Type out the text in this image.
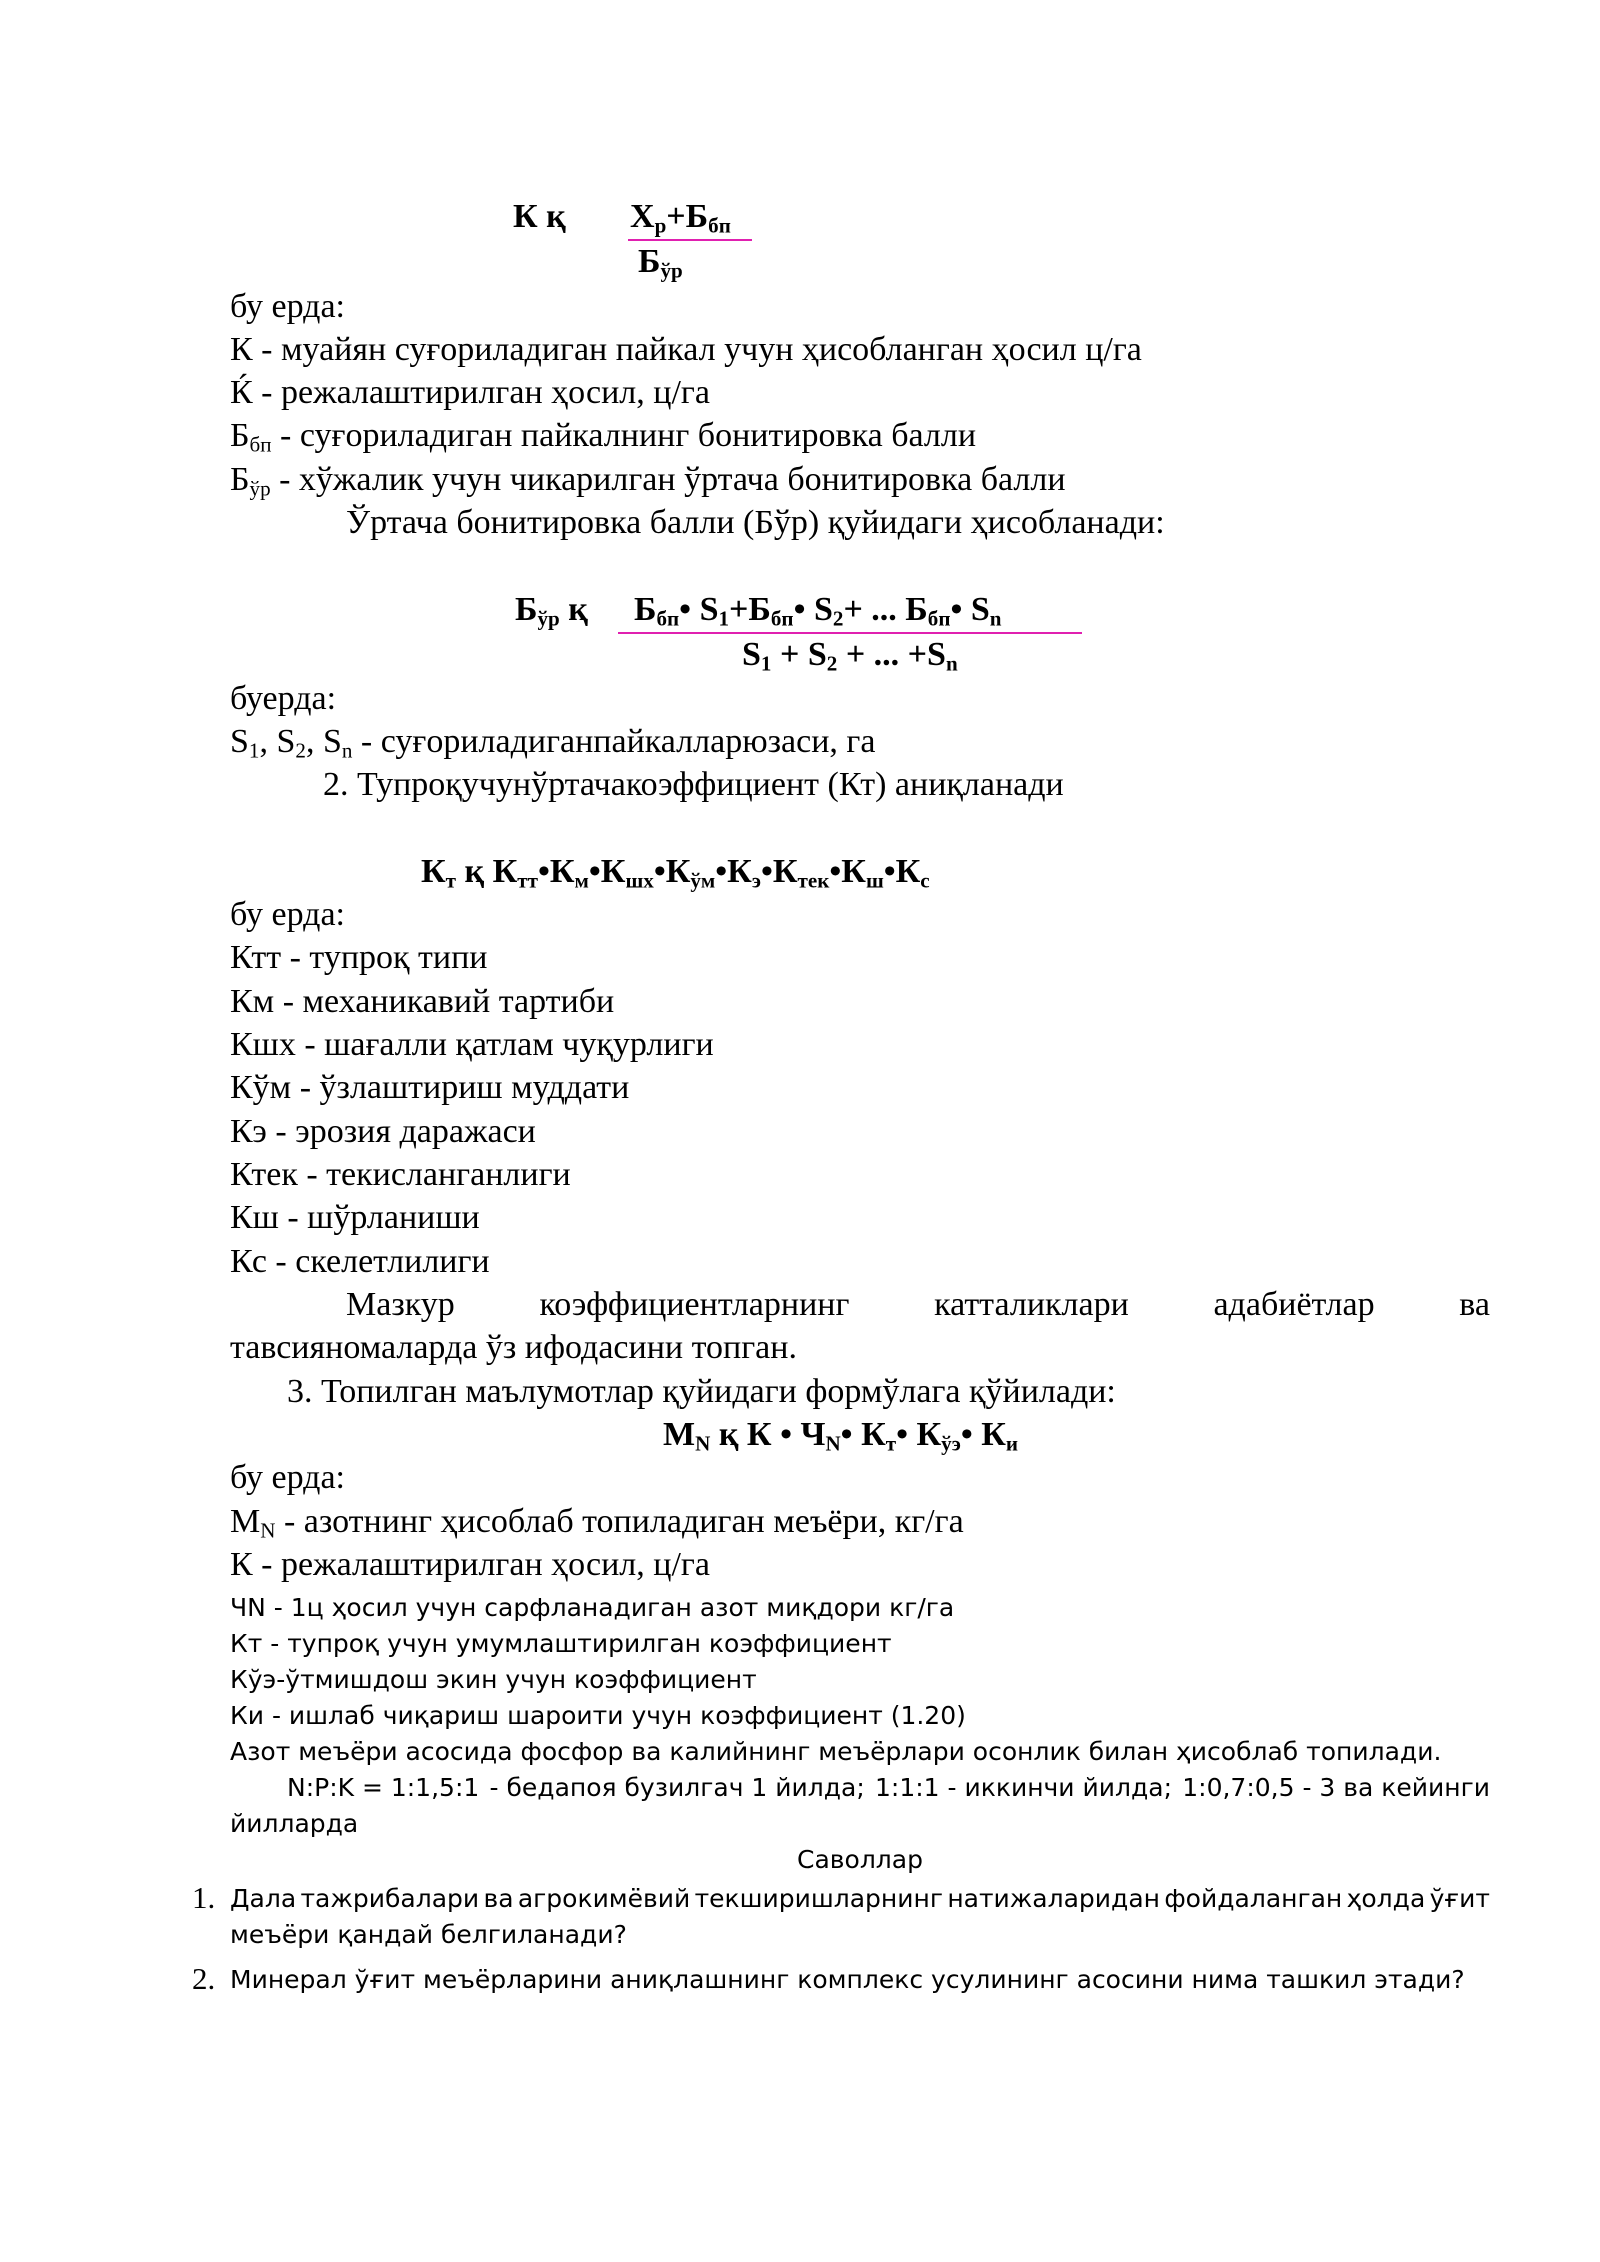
К қ $Х_р+Б_{бп}$
$Б_{ўр}$
бу ерда:
К - муайян суғориладиган пайкал учун ҳисобланган ҳосил ц/га
Ќ - режалаштирилган ҳосил, ц/га
$Б_{бп}$ - суғориладиган пайкалнинг бонитировка балли
$Б_{ўр}$ - хўжалик учун чикарилган ўртача бонитировка балли
Ўртача бонитировка балли (Бўр) қуйидаги ҳисобланади:
$Б_{ўр}$ қ $Б_{бп}•$ $S_1+Б_{бп}•$ $S_2+$ ... $Б_{бп}•$ $S_n$
$S_1 + S_2$ + ... $+S_n$
буерда:
$S_1$, $S_2$, $S_n$ - суғориладиганпайкалларюзаси, га
2. Тупроқучунўртачакоэффициент (Кт) аниқланади
$К_т$ қ $К_{тт}•К_м•К_{шх}•К_{ўм}•К_э•К_{тек}•К_ш•К_с$
бу ерда:
Ктт - тупроқ типи
Км - механикавий тартиби
Кшх - шағалли қатлам чуқурлиги
Кўм - ўзлаштириш муддати
Кэ - эрозия даражаси
Ктек - текисланганлиги
Кш - шўрланиши
Кс - скелетлилиги
Мазкур коэффициентларнинг катталиклари адабиётлар ва
тавсияномаларда ўз ифодасини топган.
3. Топилган маълумотлар қуйидаги формўлага қўйилади:
$М_N$ қ К • $Ч_N•$ $К_т•$ $К_{ўэ}•$ $К_и$
бу ерда:
$М_N$ - азотнинг ҳисоблаб топиладиган меъёри, кг/га
К - режалаштирилган ҳосил, ц/га
ЧN - 1ц ҳосил учун сарфланадиган азот миқдори кг/га
Кт - тупроқ учун умумлаштирилган коэффициент
Кўэ-ўтмишдош экин учун коэффициент
Ки - ишлаб чиқариш шароити учун коэффициент (1.20)
Азот меъёри асосида фосфор ва калийнинг меъёрлари осонлик билан ҳисоблаб топилади.
N:P:K = 1:1,5:1 - бедапоя бузилгач 1 йилда; 1:1:1 - иккинчи йилда; 1:0,7:0,5 - 3 ва кейинги
йилларда
Саволлар
1. Дала тажрибалари ва агрокимёвий текширишларнинг натижаларидан фойдаланган ҳолда ўғит
меъёри қандай белгиланади?
2. Минерал ўғит меъёрларини аниқлашнинг комплекс усулининг асосини нима ташкил этади?
